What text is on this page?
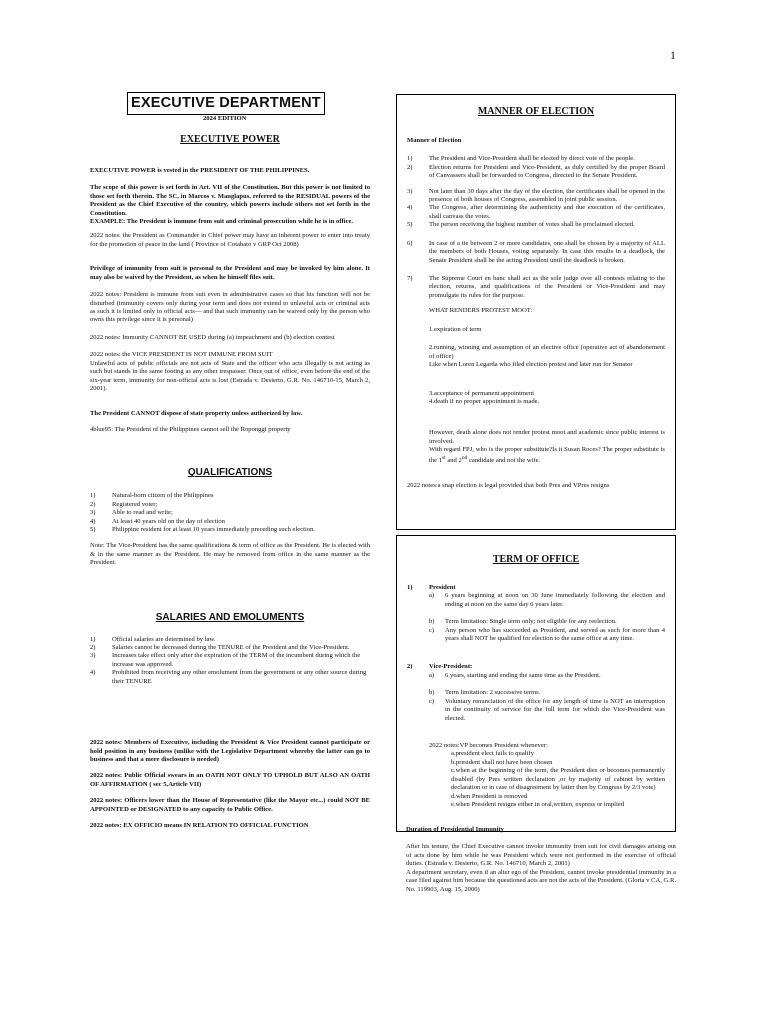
1
EXECUTIVE DEPARTMENT
2024 EDITION
EXECUTIVE POWER

EXECUTIVE POWER is vested in the PRESIDENT OF THE PHILIPPINES.

The scope of this power is set forth in Art. VII of the Constitution. But this power is not limited to those set forth therein. The SC, in Marcos v. Manglapus, referred to the RESIDUAL powers of the President as the Chief Executive of the country, which powers include others not set forth in the Constitution.

EXAMPLE: The President is immune from suit and criminal prosecution while he is in office.

2022 notes: the President as Commander in Chief power may have an inherent power to enter into treaty for the promotion of peace in the land ( Province of Cotabato v GRP Oct 2008)

Privilege of immunity from suit is personal to the President and may be invoked by him alone. It may also be waived by the President, as when he himself files suit.

2022 notes: President is immune from suit even in administrative cases so that his function will not be disturbed (immunity covers only during your term and does not extend to unlawful acts or criminal acts as such it is limited only to official acts— and that such immunity can be waived only by the person who owns this privilege since it is personal)

2022 notes: Immunity CANNOT BE USED during (a) impeachment and (b) election contest

2022 notes: the VICE PRESIDENT IS NOT IMMUNE FROM SUIT

Unlawful acts of public officials are not acts of State and the officer who acts illegally is not acting as such but stands in the same footing as any other trespasser. Once out of office, even before the end of the six-year term, immunity for non-official acts is lost (Estrada v. Desierto, G.R. No. 146710-15, March 2, 2001).

The President CANNOT dispose of state property unless authorized by law.

4blue95: The President of the Philippines cannot sell the Roponggi property

QUALIFICATIONS
1)	Natural-born citizen of the Philippines
2)	Registered voter;
3)	Able to read and write;
4)	At least 40 years old on the day of election
5)	Philippine resident for at least 10 years immediately preceding such election.

Note: The Vice-President has the same qualifications & term of office as the President. He is elected with & in the same manner as the President. He may be removed from office in the same manner as the President.

SALARIES AND EMOLUMENTS
1)	Official salaries are determined by law.
2)	Salaries cannot be decreased during the TENURE of the President and the Vice-President.
3)	Increases take effect only after the expiration of the TERM of the incumbent during which the increase was approved.
4)	Prohibited from receiving any other emolument from the government or any other source during their TENURE

2022 notes: Members of Executive, including the President & Vice President cannot participate or hold position in any business (unlike with the Legislative Department whereby the latter can go to business and that a mere disclosure is needed)

2022 notes: Public Official swears in an OATH NOT ONLY TO UPHOLD BUT ALSO AN OATH OF AFFIRMATION ( sec 5,Article VII)

2022 notes: Officers lower than the House of Representative (like the Mayor etc...) could NOT BE APPOINTED or DESIGNATED to any capacity to Public Office.

2022 notes: EX OFFICIO means IN RELATION TO OFFICIAL FUNCTION

MANNER OF ELECTION
Manner of Election
1)	The President and Vice-President shall be elected by direct vote of the people.
2)	Election returns for President and Vice-President, as duly certified by the proper Board of Canvassers shall be forwarded to Congress, directed to the Senate President.
3)	Not later than 30 days after the day of the election, the certificates shall be opened in the presence of both houses of Congress, assembled in joint public session.
4)	The Congress, after determining the authenticity and due execution of the certificates, shall canvass the votes.
5)	The person receiving the highest number of votes shall be proclaimed elected.
6)	In case of a tie between 2 or more candidates, one shall be chosen by a majority of ALL the members of both Houses, voting separately. In case this results in a deadlock, the Senate President shall be the acting President until the deadlock is broken.
7)	The Supreme Court en banc shall act as the sole judge over all contests relating to the election, returns, and qualifications of the President or Vice-President and may promulgate its rules for the purpose.

WHAT RENDERS PROTEST MOOT:

1.expiration of term

2.running, winning and assumption of an elective office (operative act of abandonement of office)

Like when Loren Legarda who filed election protest and later run for Senator

3.acceptance of permanent appointment

4.death if no proper appointment is made.

However, death alone does not render protest moot and academic since public interest is involved.

With regard FPJ, who is the proper substitute?Is it Susan Roces? The proper substitute is the 1st and 2nd candidate and not the wife.

2022 notes:a snap election is legal provided that both Pres and VPres resigns

TERM OF OFFICE
1)	President
a) 6 years beginning at noon on 30 June immediately following the election and ending at noon on the same day 6 years later.
b) Term limitation: Single term only; not eligible for any reelection.
c) Any person who has succeeded as President, and served as such for more than 4 years shall NOT be qualified for election to the same office at any time.
2)	Vice-President:
a) 6 years, starting and ending the same time as the President.
b) Term limitation: 2 successive terms.
c) Voluntary renunciation of the office for any length of time is NOT an interruption in the continuity of service for the full term for which the Vice-President was elected.

2022 notes:VP becomes President whenever:

a.president elect fails to qualify

b.president shall not have been chosen

c.when at the beginning of the term, the President dies or becomes permanently disabled (by Pres written declaration ,or by majority of cabinet by written declaration or in case of disagreement by latter then by Congress by 2/3 vote)

d.when President is removed

e.when President resigns either in oral,written, express or implied

Duration of Presidential Immunity

After his tenure, the Chief Executive cannot invoke immunity from suit for civil damages arising out of acts done by him while he was President which were not performed in the exercise of official duties. (Estrada v. Desierto, G.R. No. 146710, March 2, 2001)

A department secretary, even if an alter ego of the President, cannot invoke presidential immunity in a case filed against him because the questioned acts are not the acts of the President. (Gloria v CA, G.R. No. 119903, Aug. 15, 2000)
